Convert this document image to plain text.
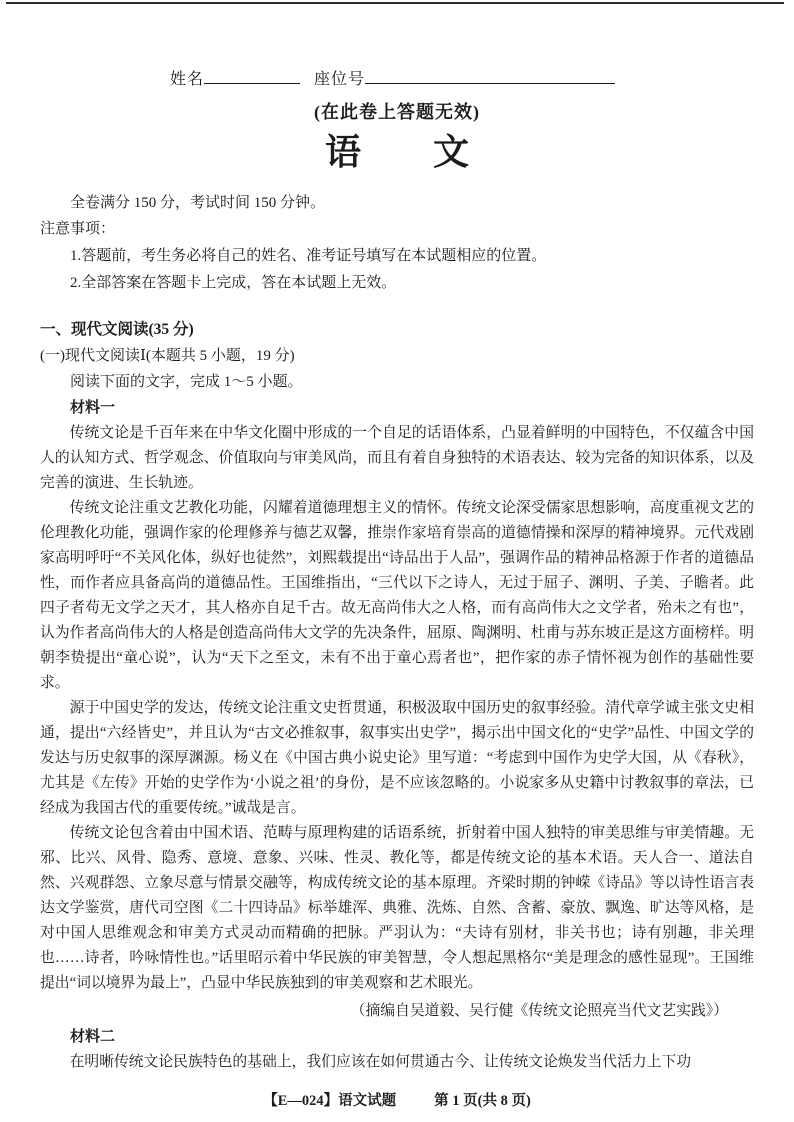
姓名	座位号
(在此卷上答题无效)
语　　文
全卷满分 150 分，考试时间 150 分钟。
注意事项：
1.答题前，考生务必将自己的姓名、准考证号填写在本试题相应的位置。
2.全部答案在答题卡上完成，答在本试题上无效。
一、现代文阅读(35 分)
(一)现代文阅读Ⅰ(本题共 5 小题，19 分)
阅读下面的文字，完成 1～5 小题。
材料一

传统文论是千百年来在中华文化圈中形成的一个自足的话语体系，凸显着鲜明的中国特色，不仅蕴含中国人的认知方式、哲学观念、价值取向与审美风尚，而且有着自身独特的术语表达、较为完备的知识体系，以及完善的演进、生长轨迹。

传统文论注重文艺教化功能，闪耀着道德理想主义的情怀。传统文论深受儒家思想影响，高度重视文艺的伦理教化功能，强调作家的伦理修养与德艺双馨，推崇作家培育崇高的道德情操和深厚的精神境界。元代戏剧家高明呼吁“不关风化体，纵好也徒然”，刘熙载提出“诗品出于人品”，强调作品的精神品格源于作者的道德品性，而作者应具备高尚的道德品性。王国维指出，“三代以下之诗人，无过于屈子、渊明、子美、子瞻者。此四子者苟无文学之天才，其人格亦自足千古。故无高尚伟大之人格，而有高尚伟大之文学者，殆未之有也”，认为作者高尚伟大的人格是创造高尚伟大文学的先决条件，屈原、陶渊明、杜甫与苏东坡正是这方面榜样。明朝李贽提出“童心说”，认为“天下之至文，未有不出于童心焉者也”，把作家的赤子情怀视为创作的基础性要求。

源于中国史学的发达，传统文论注重文史哲贯通，积极汲取中国历史的叙事经验。清代章学诚主张文史相通，提出“六经皆史”，并且认为“古文必推叙事，叙事实出史学”，揭示出中国文化的“史学”品性、中国文学的发达与历史叙事的深厚渊源。杨义在《中国古典小说史论》里写道：“考虑到中国作为史学大国，从《春秋》，尤其是《左传》开始的史学作为‘小说之祖’的身份，是不应该忽略的。小说家多从史籍中讨教叙事的章法，已经成为我国古代的重要传统。”诚哉是言。

传统文论包含着由中国术语、范畴与原理构建的话语系统，折射着中国人独特的审美思维与审美情趣。无邪、比兴、风骨、隐秀、意境、意象、兴味、性灵、教化等，都是传统文论的基本术语。天人合一、道法自然、兴观群怨、立象尽意与情景交融等，构成传统文论的基本原理。齐梁时期的钟嵘《诗品》等以诗性语言表达文学鉴赏，唐代司空图《二十四诗品》标举雄浑、典雅、洗炼、自然、含蓄、豪放、飘逸、旷达等风格，是对中国人思维观念和审美方式灵动而精确的把脉。严羽认为：“夫诗有别材，非关书也；诗有别趣，非关理也……诗者，吟咏情性也。”话里昭示着中华民族的审美智慧，令人想起黑格尔“美是理念的感性显现”。王国维提出“词以境界为最上”，凸显中华民族独到的审美观察和艺术眼光。

（摘编自吴道毅、吴行健《传统文论照亮当代文艺实践》）

材料二

在明晰传统文论民族特色的基础上，我们应该在如何贯通古今、让传统文论焕发当代活力上下功

【E—024】语文试题	第 1 页(共 8 页)
